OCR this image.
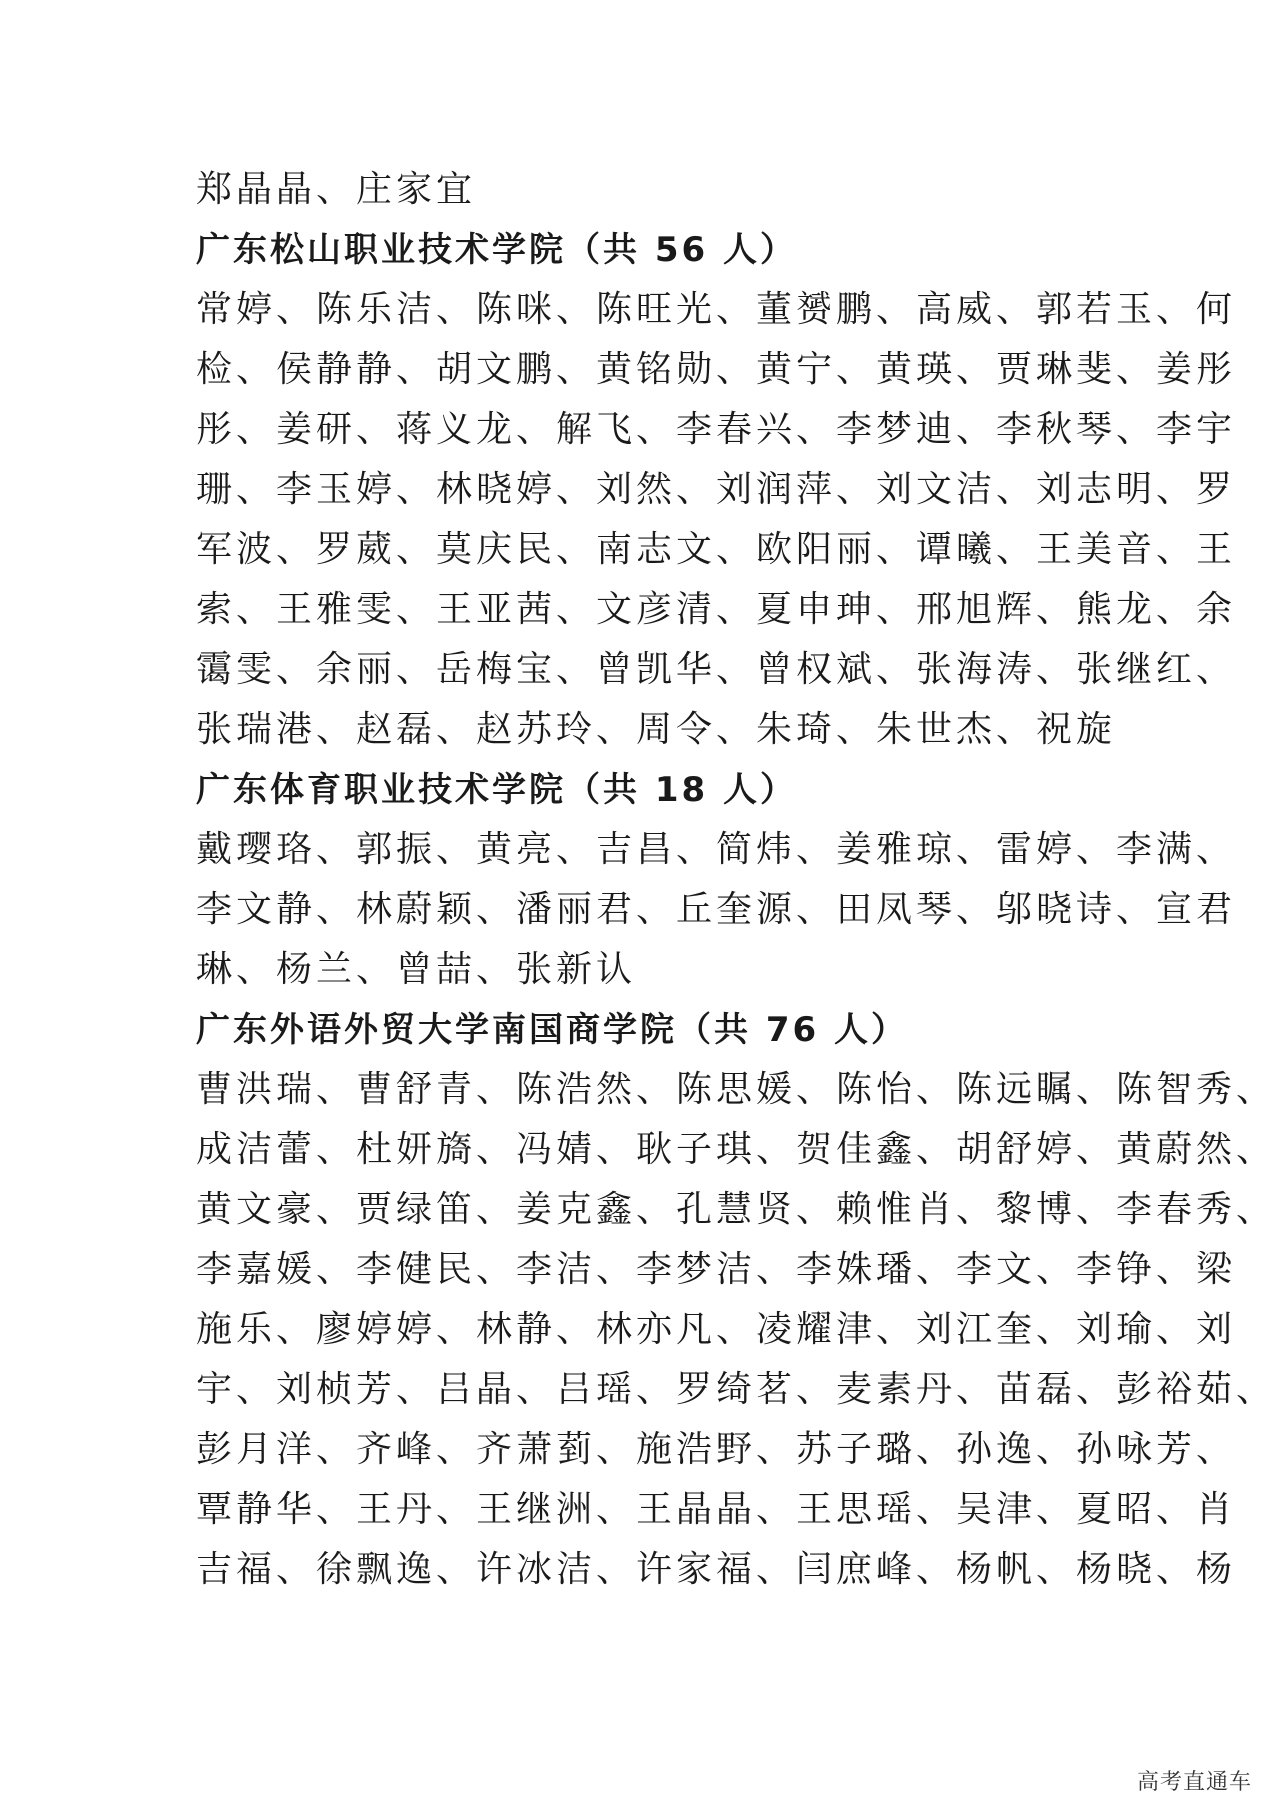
郑晶晶、庄家宜
广东松山职业技术学院（共 56 人）
常婷、陈乐洁、陈咪、陈旺光、董赟鹏、高威、郭若玉、何
检、侯静静、胡文鹏、黄铭勋、黄宁、黄瑛、贾琳斐、姜彤
彤、姜研、蒋义龙、解飞、李春兴、李梦迪、李秋琴、李宇
珊、李玉婷、林晓婷、刘然、刘润萍、刘文洁、刘志明、罗
军波、罗葳、莫庆民、南志文、欧阳丽、谭曦、王美音、王
索、王雅雯、王亚茜、文彦清、夏申珅、邢旭辉、熊龙、余
霭雯、余丽、岳梅宝、曾凯华、曾权斌、张海涛、张继红、
张瑞港、赵磊、赵苏玲、周令、朱琦、朱世杰、祝旋
广东体育职业技术学院（共 18 人）
戴璎珞、郭振、黄亮、吉昌、简炜、姜雅琼、雷婷、李满、
李文静、林蔚颖、潘丽君、丘奎源、田凤琴、邬晓诗、宣君
琳、杨兰、曾喆、张新认
广东外语外贸大学南国商学院（共 76 人）
曹洪瑞、曹舒青、陈浩然、陈思媛、陈怡、陈远瞩、陈智秀、
成洁蕾、杜妍旖、冯婧、耿子琪、贺佳鑫、胡舒婷、黄蔚然、
黄文豪、贾绿笛、姜克鑫、孔慧贤、赖惟肖、黎博、李春秀、
李嘉媛、李健民、李洁、李梦洁、李姝璠、李文、李铮、梁
施乐、廖婷婷、林静、林亦凡、凌耀津、刘江奎、刘瑜、刘
宇、刘桢芳、吕晶、吕瑶、罗绮茗、麦素丹、苗磊、彭裕茹、
彭月洋、齐峰、齐萧菿、施浩野、苏子璐、孙逸、孙咏芳、
覃静华、王丹、王继洲、王晶晶、王思瑶、吴津、夏昭、肖
吉福、徐飘逸、许冰洁、许家福、闫庶峰、杨帆、杨晓、杨
高考直通车
